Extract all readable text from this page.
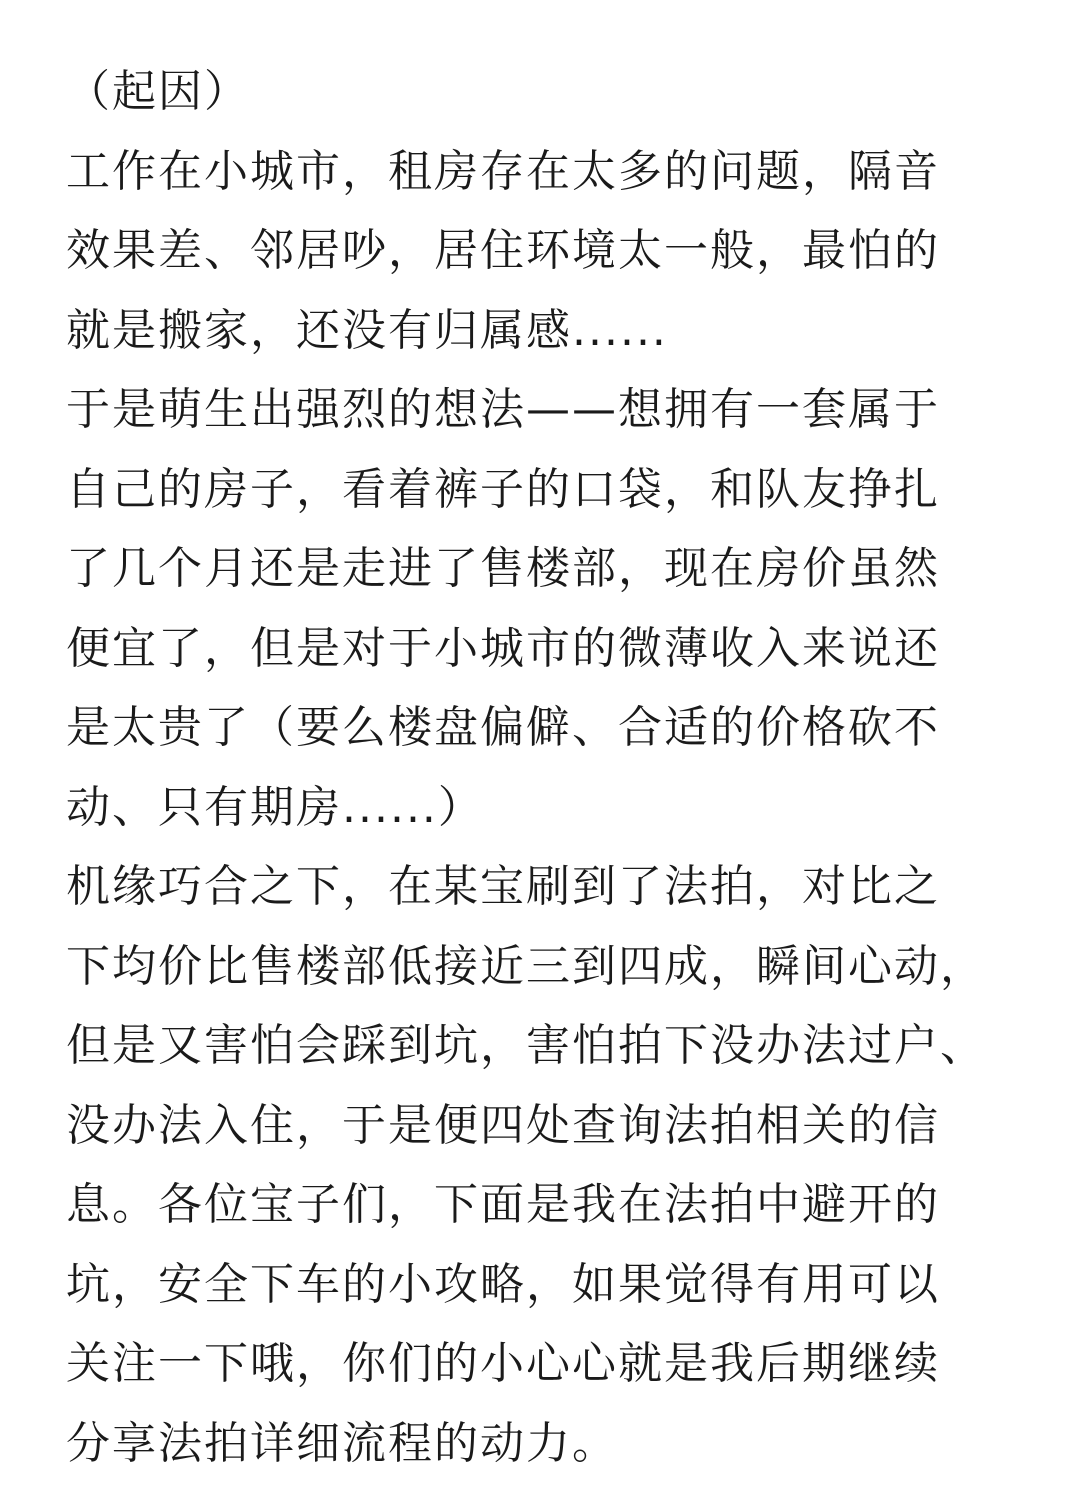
（起因）
工作在小城市，租房存在太多的问题，隔音
效果差、邻居吵，居住环境太一般，最怕的
就是搬家，还没有归属感......
于是萌生出强烈的想法——想拥有一套属于
自己的房子，看着裤子的口袋，和队友挣扎
了几个月还是走进了售楼部，现在房价虽然
便宜了，但是对于小城市的微薄收入来说还
是太贵了（要么楼盘偏僻、合适的价格砍不
动、只有期房......）
机缘巧合之下，在某宝刷到了法拍，对比之
下均价比售楼部低接近三到四成，瞬间心动，
但是又害怕会踩到坑，害怕拍下没办法过户、
没办法入住，于是便四处查询法拍相关的信
息。各位宝子们，下面是我在法拍中避开的
坑，安全下车的小攻略，如果觉得有用可以
关注一下哦，你们的小心心就是我后期继续
分享法拍详细流程的动力。
